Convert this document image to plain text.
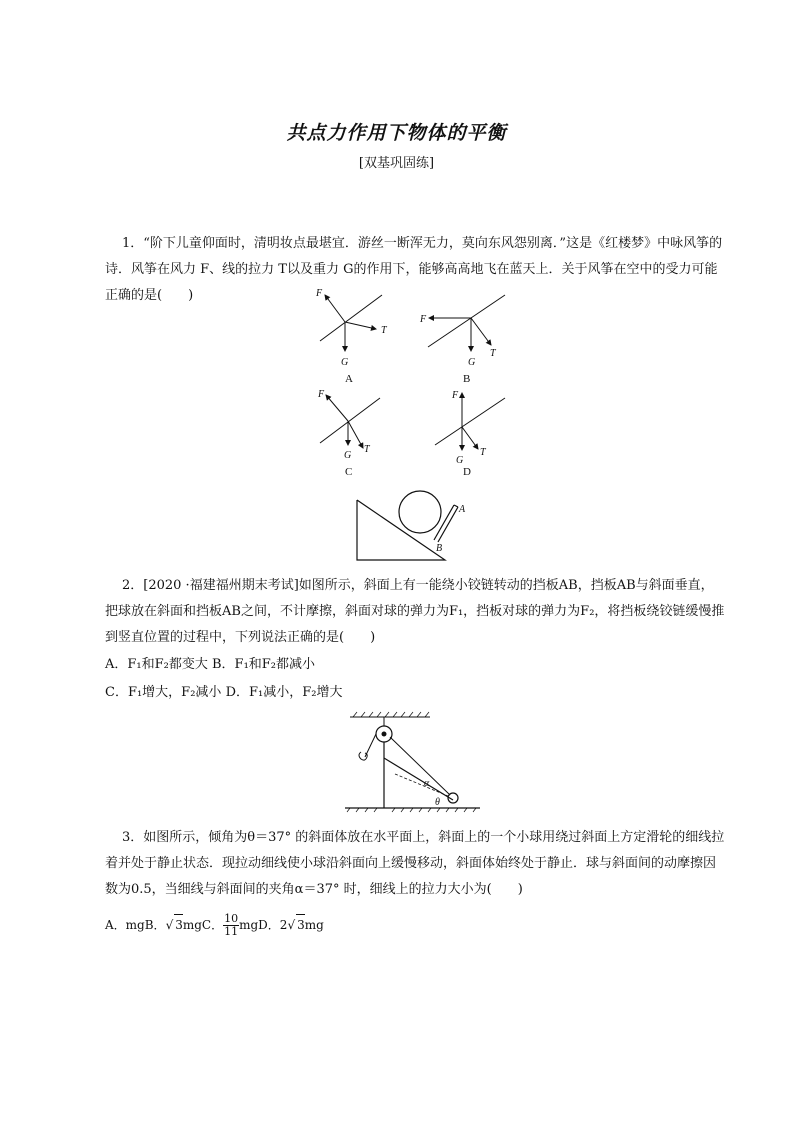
共点力作用下物体的平衡
[双基巩固练]
1．“阶下儿童仰面时，清明妆点最堪宜．游丝一断浑无力，莫向东风怨别离．”这是《红楼梦》中咏风筝的诗．风筝在风力 F、线的拉力 T以及重力 G的作用下，能够高高地飞在蓝天上．关于风筝在空中的受力可能正确的是(　　)	F
T
G
A
F
T
G
B
F
T
G
C
F
T
G
D
A
B
2．[2020 ·福建福州期末考试]如图所示，斜面上有一能绕小铰链转动的挡板AB，挡板AB与斜面垂直，把球放在斜面和挡板AB之间，不计摩擦，斜面对球的弹力为F₁，挡板对球的弹力为F₂，将挡板绕铰链缓慢推到竖直位置的过程中，下列说法正确的是(　　)
A．F₁和F₂都变大 B．F₁和F₂都减小
C．F₁增大，F₂减小 D．F₁减小，F₂增大
α
θ
3．如图所示，倾角为θ＝37° 的斜面体放在水平面上，斜面上的一个小球用绕过斜面上方定滑轮的细线拉着并处于静止状态．现拉动细线使小球沿斜面向上缓慢移动，斜面体始终处于静止．球与斜面间的动摩擦因数为0.5，当细线与斜面间的夹角α＝37° 时，细线上的拉力大小为(　　)
A．mgB．√ 3mgC． $\frac{10}{11}$ mgD．2√ 3mg
